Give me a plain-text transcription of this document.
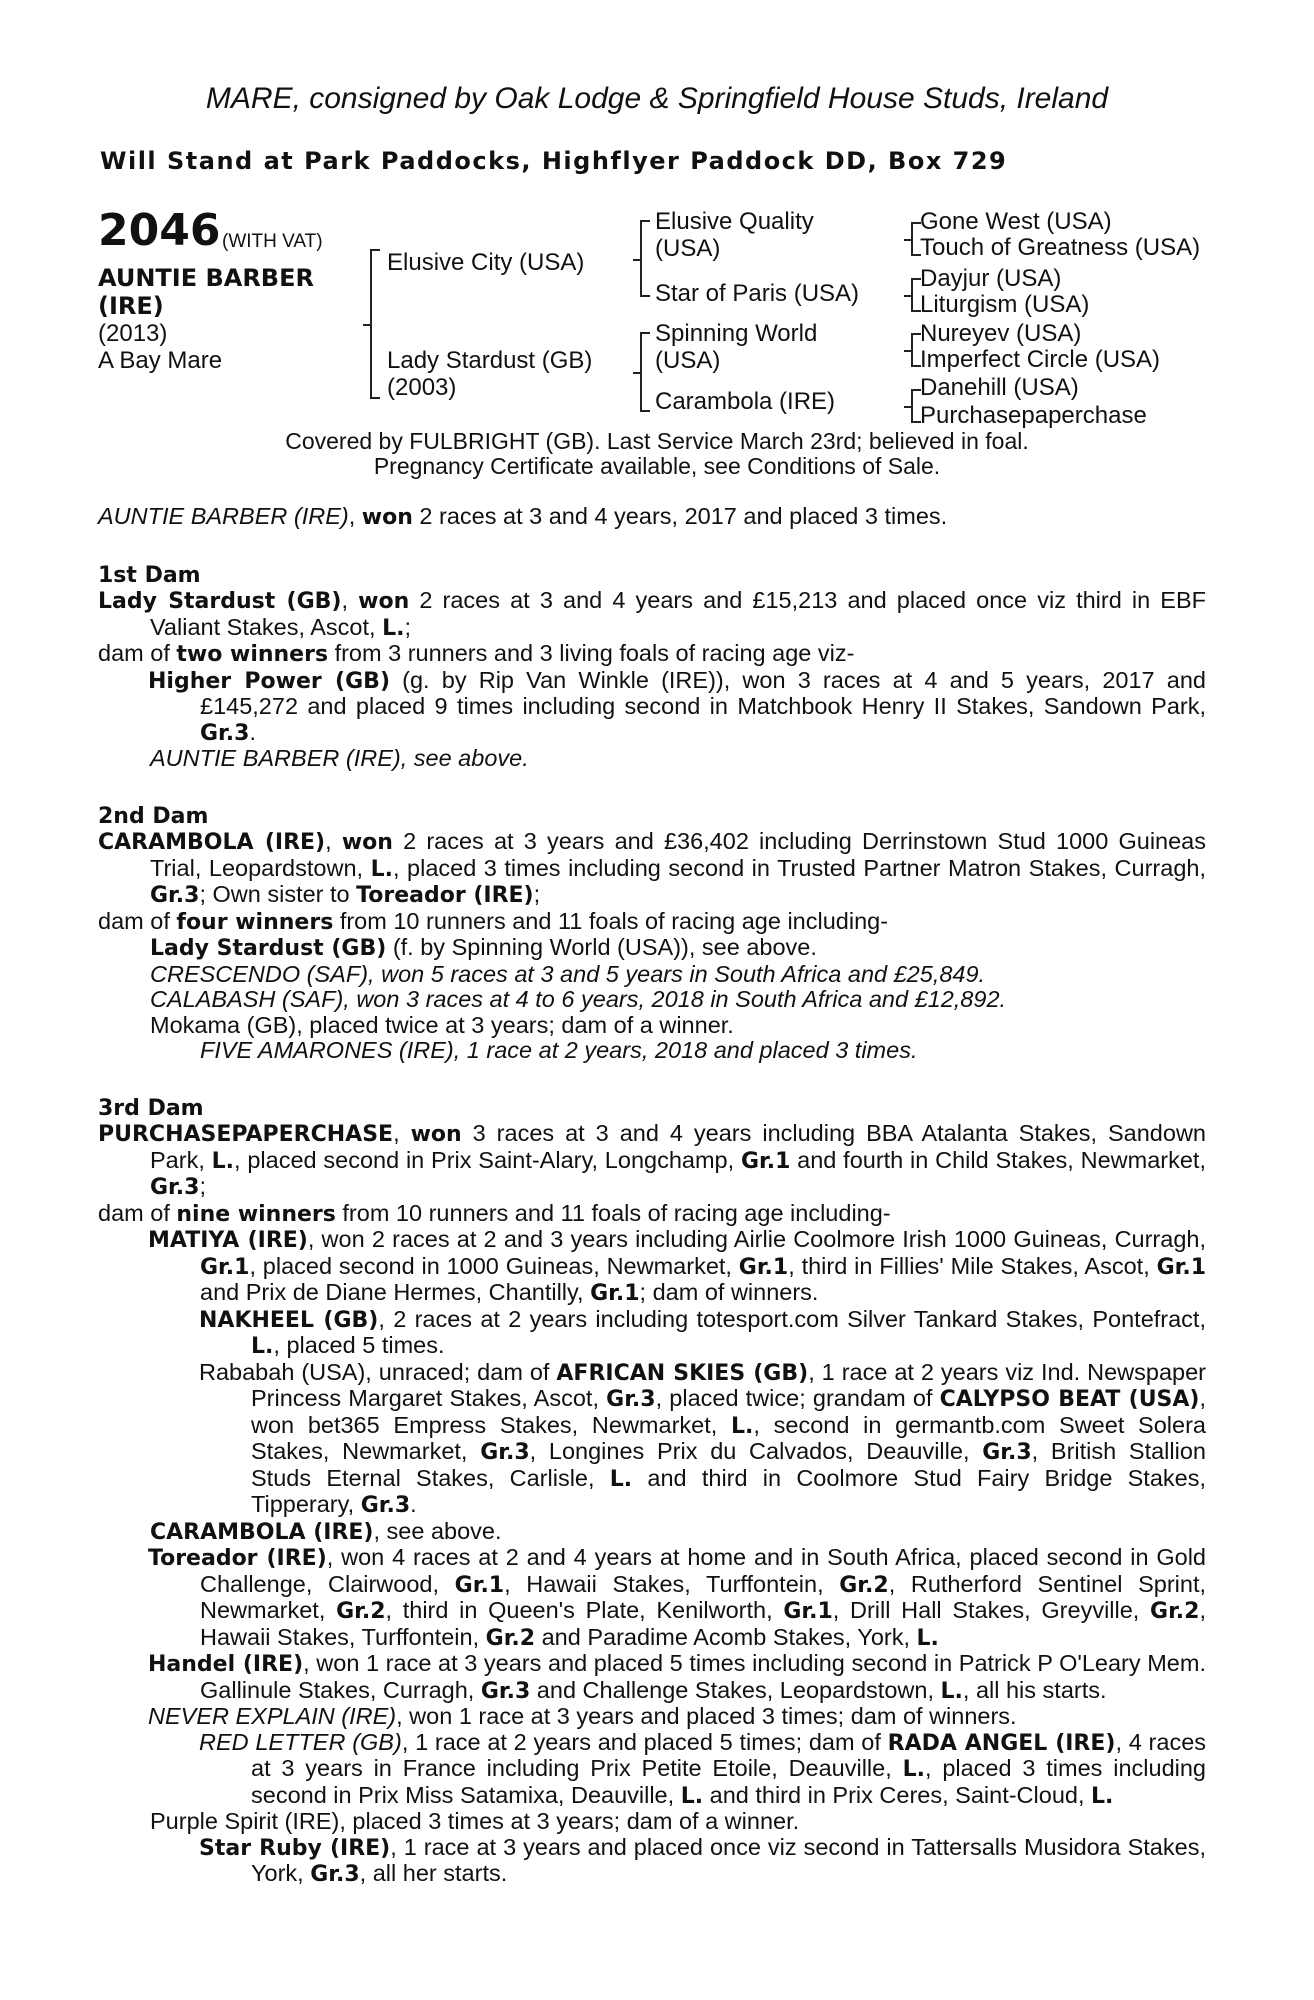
MARE, consigned by Oak Lodge & Springfield House Studs, Ireland
Will Stand at Park Paddocks, Highflyer Paddock DD, Box 729
2046 (WITH VAT)
AUNTIE BARBER
(IRE)
(2013)
A Bay Mare
Elusive City (USA)
Lady Stardust (GB)
(2003)
Elusive Quality
(USA)
Star of Paris (USA)
Spinning World
(USA)
Carambola (IRE)
Gone West (USA)
Touch of Greatness (USA)
Dayjur (USA)
Liturgism (USA)
Nureyev (USA)
Imperfect Circle (USA)
Danehill (USA)
Purchasepaperchase
Covered by FULBRIGHT (GB). Last Service March 23rd; believed in foal.
Pregnancy Certificate available, see Conditions of Sale.

AUNTIE BARBER (IRE), won 2 races at 3 and 4 years, 2017 and placed 3 times.

1st Dam

Lady Stardust (GB), won 2 races at 3 and 4 years and £15,213 and placed once viz third in EBF Valiant Stakes, Ascot, L.;

dam of two winners from 3 runners and 3 living foals of racing age viz-

Higher Power (GB) (g. by Rip Van Winkle (IRE)), won 3 races at 4 and 5 years, 2017 and £145,272 and placed 9 times including second in Matchbook Henry II Stakes, Sandown Park, Gr.3.

AUNTIE BARBER (IRE), see above.

2nd Dam

CARAMBOLA (IRE), won 2 races at 3 years and £36,402 including Derrinstown Stud 1000 Guineas Trial, Leopardstown, L., placed 3 times including second in Trusted Partner Matron Stakes, Curragh, Gr.3; Own sister to Toreador (IRE);

dam of four winners from 10 runners and 11 foals of racing age including-

Lady Stardust (GB) (f. by Spinning World (USA)), see above.

CRESCENDO (SAF), won 5 races at 3 and 5 years in South Africa and £25,849.

CALABASH (SAF), won 3 races at 4 to 6 years, 2018 in South Africa and £12,892.

Mokama (GB), placed twice at 3 years; dam of a winner.

FIVE AMARONES (IRE), 1 race at 2 years, 2018 and placed 3 times.

3rd Dam

PURCHASEPAPERCHASE, won 3 races at 3 and 4 years including BBA Atalanta Stakes, Sandown Park, L., placed second in Prix Saint-Alary, Longchamp, Gr.1 and fourth in Child Stakes, Newmarket, Gr.3;

dam of nine winners from 10 runners and 11 foals of racing age including-

MATIYA (IRE), won 2 races at 2 and 3 years including Airlie Coolmore Irish 1000 Guineas, Curragh, Gr.1, placed second in 1000 Guineas, Newmarket, Gr.1, third in Fillies' Mile Stakes, Ascot, Gr.1 and Prix de Diane Hermes, Chantilly, Gr.1; dam of winners.

NAKHEEL (GB), 2 races at 2 years including totesport.com Silver Tankard Stakes, Pontefract, L., placed 5 times.

Rababah (USA), unraced; dam of AFRICAN SKIES (GB), 1 race at 2 years viz Ind. Newspaper Princess Margaret Stakes, Ascot, Gr.3, placed twice; grandam of CALYPSO BEAT (USA), won bet365 Empress Stakes, Newmarket, L., second in germantb.com Sweet Solera Stakes, Newmarket, Gr.3, Longines Prix du Calvados, Deauville, Gr.3, British Stallion Studs Eternal Stakes, Carlisle, L. and third in Coolmore Stud Fairy Bridge Stakes, Tipperary, Gr.3.

CARAMBOLA (IRE), see above.

Toreador (IRE), won 4 races at 2 and 4 years at home and in South Africa, placed second in Gold Challenge, Clairwood, Gr.1, Hawaii Stakes, Turffontein, Gr.2, Rutherford Sentinel Sprint, Newmarket, Gr.2, third in Queen's Plate, Kenilworth, Gr.1, Drill Hall Stakes, Greyville, Gr.2, Hawaii Stakes, Turffontein, Gr.2 and Paradime Acomb Stakes, York, L.

Handel (IRE), won 1 race at 3 years and placed 5 times including second in Patrick P O'Leary Mem. Gallinule Stakes, Curragh, Gr.3 and Challenge Stakes, Leopardstown, L., all his starts.

NEVER EXPLAIN (IRE), won 1 race at 3 years and placed 3 times; dam of winners.

RED LETTER (GB), 1 race at 2 years and placed 5 times; dam of RADA ANGEL (IRE), 4 races at 3 years in France including Prix Petite Etoile, Deauville, L., placed 3 times including second in Prix Miss Satamixa, Deauville, L. and third in Prix Ceres, Saint-Cloud, L.

Purple Spirit (IRE), placed 3 times at 3 years; dam of a winner.

Star Ruby (IRE), 1 race at 3 years and placed once viz second in Tattersalls Musidora Stakes, York, Gr.3, all her starts.
